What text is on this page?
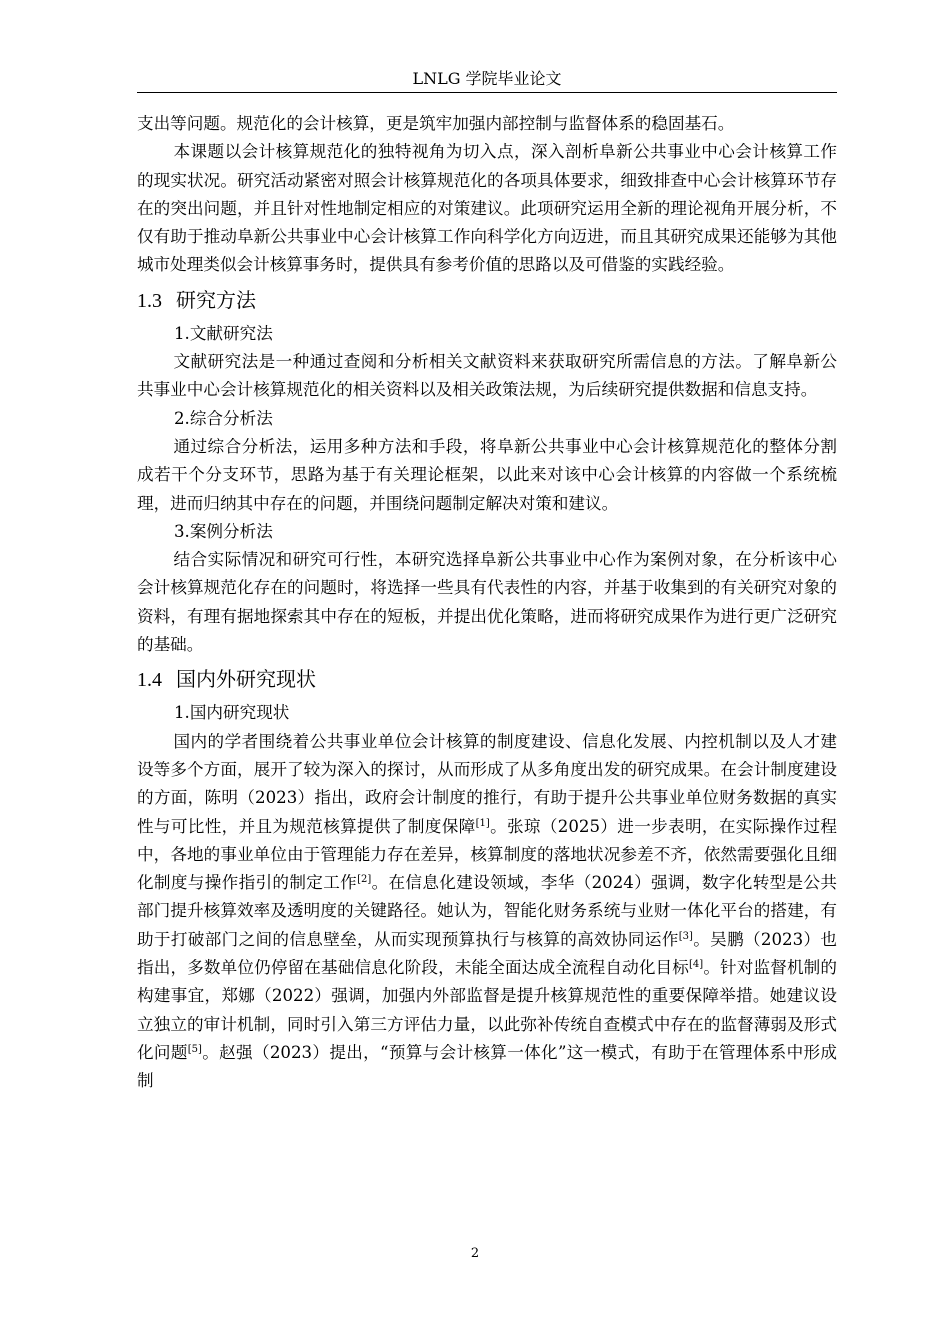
LNLG 学院毕业论文

支出等问题。规范化的会计核算，更是筑牢加强内部控制与监督体系的稳固基石。

本课题以会计核算规范化的独特视角为切入点，深入剖析阜新公共事业中心会计核算工作的现实状况。研究活动紧密对照会计核算规范化的各项具体要求，细致排查中心会计核算环节存在的突出问题，并且针对性地制定相应的对策建议。此项研究运用全新的理论视角开展分析，不仅有助于推动阜新公共事业中心会计核算工作向科学化方向迈进，而且其研究成果还能够为其他城市处理类似会计核算事务时，提供具有参考价值的思路以及可借鉴的实践经验。

1.3 研究方法

1.文献研究法

文献研究法是一种通过查阅和分析相关文献资料来获取研究所需信息的方法。了解阜新公共事业中心会计核算规范化的相关资料以及相关政策法规，为后续研究提供数据和信息支持。

2.综合分析法

通过综合分析法，运用多种方法和手段，将阜新公共事业中心会计核算规范化的整体分割成若干个分支环节，思路为基于有关理论框架，以此来对该中心会计核算的内容做一个系统梳理，进而归纳其中存在的问题，并围绕问题制定解决对策和建议。

3.案例分析法

结合实际情况和研究可行性，本研究选择阜新公共事业中心作为案例对象，在分析该中心会计核算规范化存在的问题时，将选择一些具有代表性的内容，并基于收集到的有关研究对象的资料，有理有据地探索其中存在的短板，并提出优化策略，进而将研究成果作为进行更广泛研究的基础。

1.4 国内外研究现状

1.国内研究现状

国内的学者围绕着公共事业单位会计核算的制度建设、信息化发展、内控机制以及人才建设等多个方面，展开了较为深入的探讨，从而形成了从多角度出发的研究成果。在会计制度建设的方面，陈明（2023）指出，政府会计制度的推行，有助于提升公共事业单位财务数据的真实性与可比性，并且为规范核算提供了制度保障[1]。张琼（2025）进一步表明，在实际操作过程中，各地的事业单位由于管理能力存在差异，核算制度的落地状况参差不齐，依然需要强化且细化制度与操作指引的制定工作[2]。在信息化建设领域，李华（2024）强调，数字化转型是公共部门提升核算效率及透明度的关键路径。她认为，智能化财务系统与业财一体化平台的搭建，有助于打破部门之间的信息壁垒，从而实现预算执行与核算的高效协同运作[3]。吴鹏（2023）也指出，多数单位仍停留在基础信息化阶段，未能全面达成全流程自动化目标[4]。针对监督机制的构建事宜，郑娜（2022）强调，加强内外部监督是提升核算规范性的重要保障举措。她建议设立独立的审计机制，同时引入第三方评估力量，以此弥补传统自查模式中存在的监督薄弱及形式化问题[5]。赵强（2023）提出，“预算与会计核算一体化”这一模式，有助于在管理体系中形成制

2
